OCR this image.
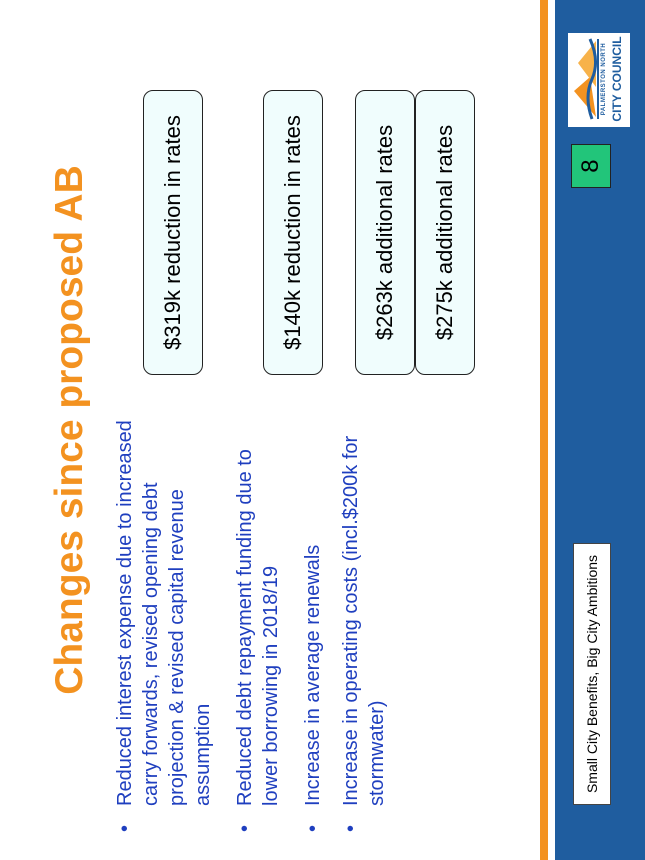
Changes since proposed AB
•
Reduced interest expense due to increased carry forwards, revised opening debt projection & revised capital revenue assumption
•
Reduced debt repayment funding due to lower borrowing in 2018/19
•
Increase in average renewals
•
Increase in operating costs (incl.$200k for stormwater)
$319k reduction in rates	$140k reduction in rates	$263k additional rates	$275k additional rates
Small City Benefits, Big City Ambitions
8
PALMERSTON NORTH CITY COUNCIL
